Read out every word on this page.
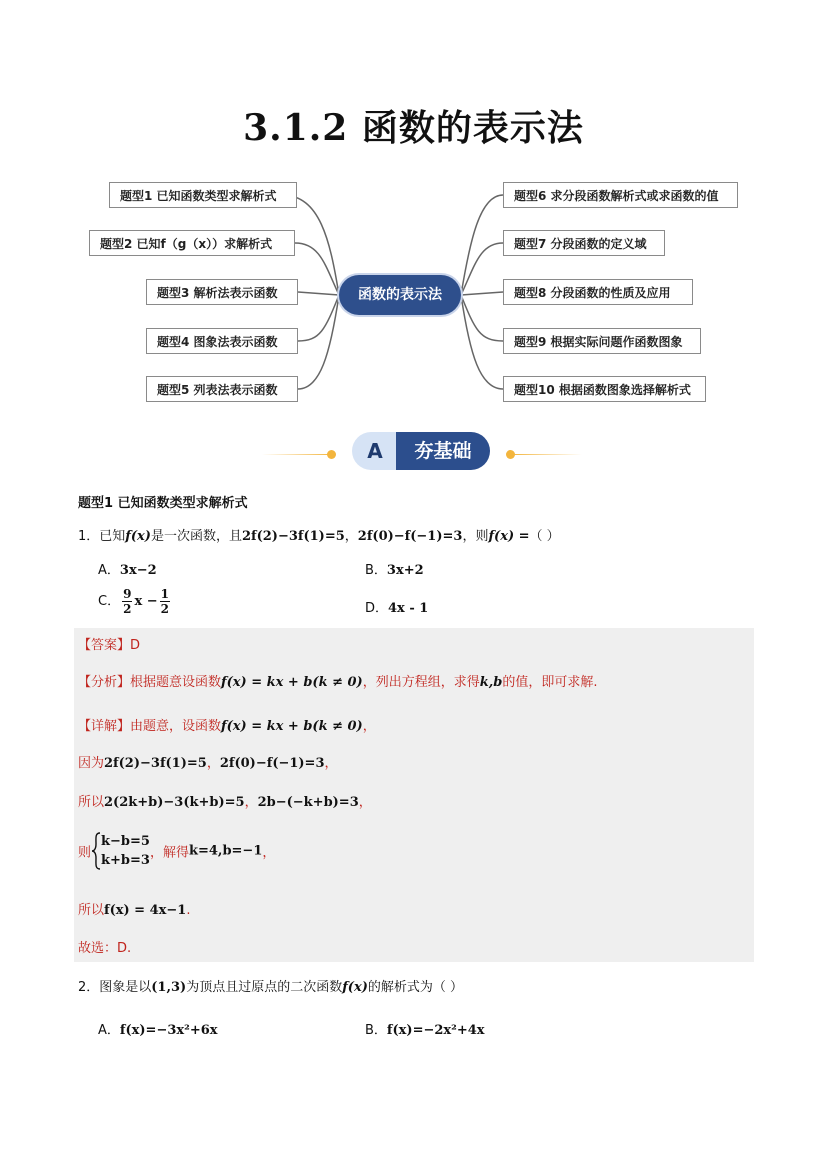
3.1.2 函数的表示法
题型1 已知函数类型求解析式
题型2 已知f（g（x））求解析式
题型3 解析法表示函数
题型4 图象法表示函数
题型5 列表法表示函数
题型6 求分段函数解析式或求函数的值
题型7 分段函数的定义域
题型8 分段函数的性质及应用
题型9 根据实际问题作函数图象
题型10 根据函数图象选择解析式
函数的表示法
A	夯基础
题型1 已知函数类型求解析式
1．已知f(x)是一次函数，且2f(2)−3f(1)=5，2f(0)−f(−1)=3，则f(x) =（ ）
A．3x−2	B．3x+2
C． $\frac{9}{2}$ $x - \frac{1}{2}$	D．4x - 1
【答案】D
【分析】根据题意设函数f(x) = kx + b(k ≠ 0)，列出方程组，求得k,b的值，即可求解.
【详解】由题意，设函数f(x) = kx + b(k ≠ 0)，
因为2f(2)−3f(1)=5，2f(0)−f(−1)=3，
所以2(2k+b)−3(k+b)=5，2b−(−k+b)=3，
则
k−b=5
k+b=3 ，解得k=4,b=−1，
所以f(x) = 4x−1.
故选：D.
2．图象是以(1,3)为顶点且过原点的二次函数f(x)的解析式为（ ）
A．f(x)=−3x²+6x	B．f(x)=−2x²+4x
